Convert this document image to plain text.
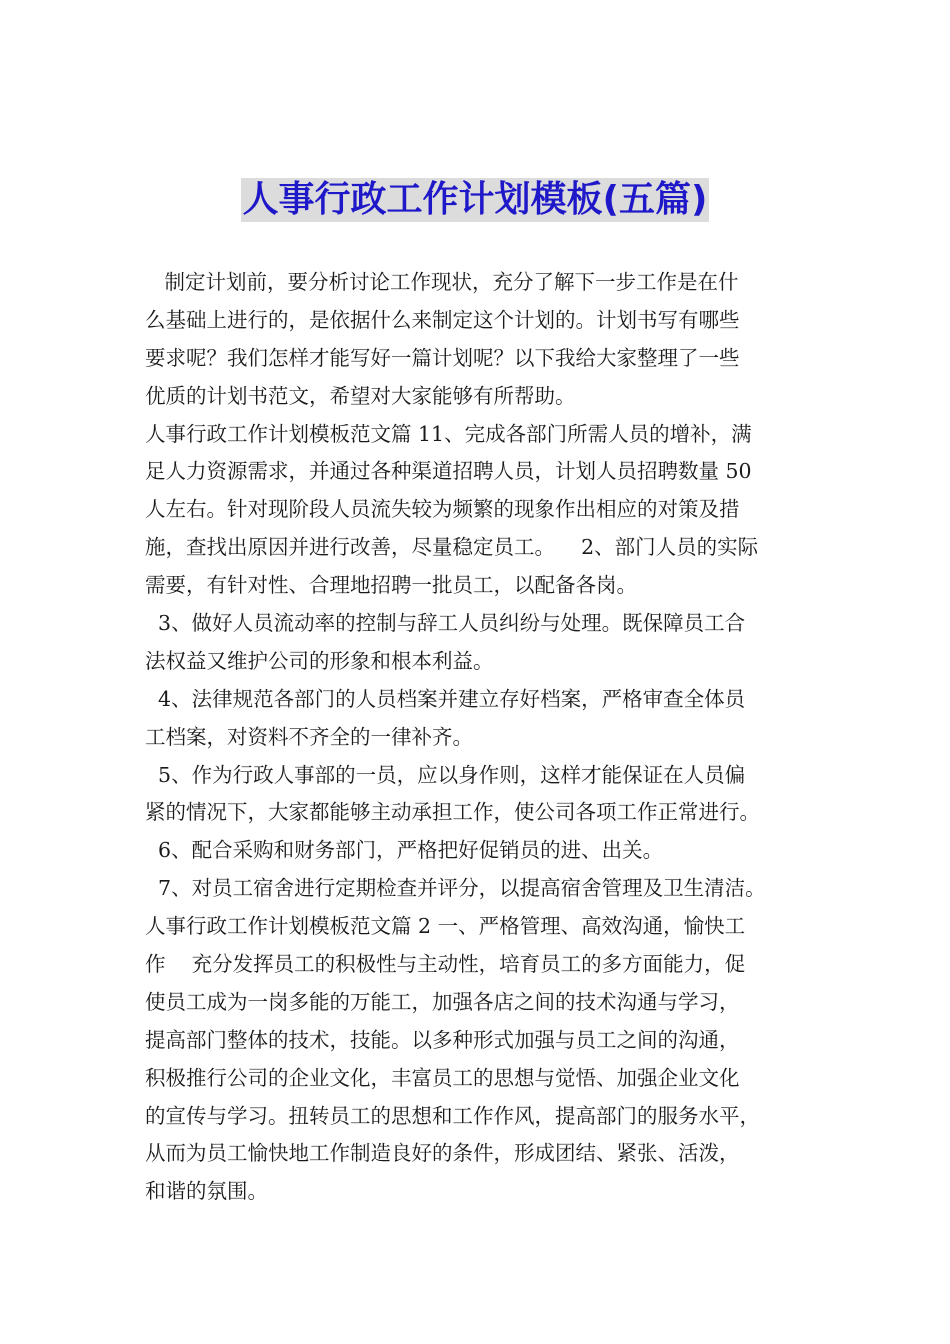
人事行政工作计划模板(五篇)
制定计划前，要分析讨论工作现状，充分了解下一步工作是在什
么基础上进行的，是依据什么来制定这个计划的。计划书写有哪些
要求呢？我们怎样才能写好一篇计划呢？以下我给大家整理了一些
优质的计划书范文，希望对大家能够有所帮助。
人事行政工作计划模板范文篇 11、完成各部门所需人员的增补，满
足人力资源需求，并通过各种渠道招聘人员，计划人员招聘数量 50
人左右。针对现阶段人员流失较为频繁的现象作出相应的对策及措
施，查找出原因并进行改善，尽量稳定员工。    2、部门人员的实际
需要，有针对性、合理地招聘一批员工，以配备各岗。
3、做好人员流动率的控制与辞工人员纠纷与处理。既保障员工合
法权益又维护公司的形象和根本利益。
4、法律规范各部门的人员档案并建立存好档案，严格审查全体员
工档案，对资料不齐全的一律补齐。
5、作为行政人事部的一员，应以身作则，这样才能保证在人员偏
紧的情况下，大家都能够主动承担工作，使公司各项工作正常进行。
6、配合采购和财务部门，严格把好促销员的进、出关。
7、对员工宿舍进行定期检查并评分，以提高宿舍管理及卫生清洁。
人事行政工作计划模板范文篇 2 一、严格管理、高效沟通，愉快工
作    充分发挥员工的积极性与主动性，培育员工的多方面能力，促
使员工成为一岗多能的万能工，加强各店之间的技术沟通与学习，
提高部门整体的技术，技能。以多种形式加强与员工之间的沟通，
积极推行公司的企业文化，丰富员工的思想与觉悟、加强企业文化
的宣传与学习。扭转员工的思想和工作作风，提高部门的服务水平，
从而为员工愉快地工作制造良好的条件，形成团结、紧张、活泼，
和谐的氛围。
